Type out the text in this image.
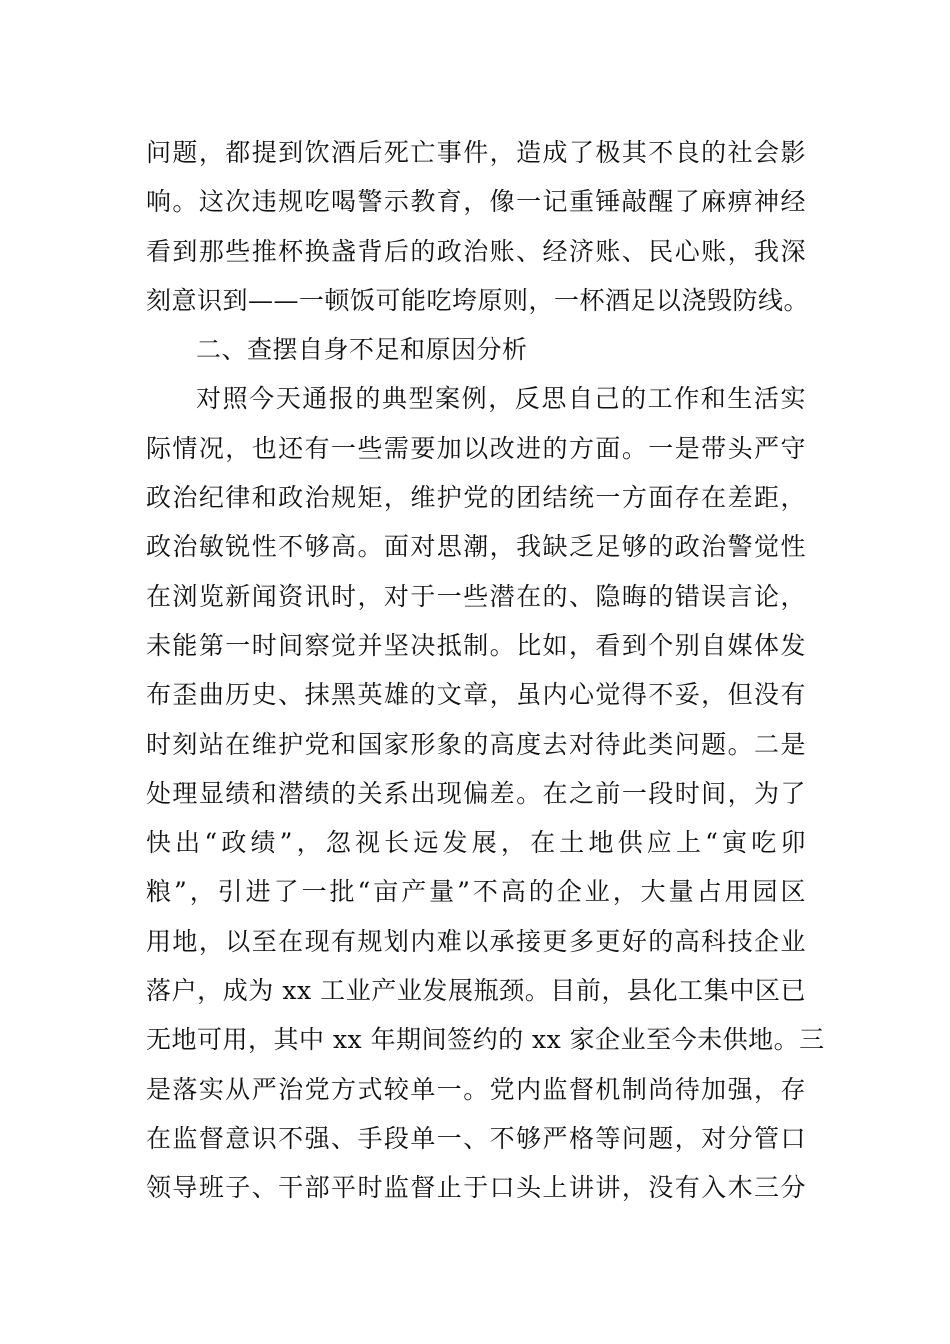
问题，都提到饮酒后死亡事件，造成了极其不良的社会影
响。这次违规吃喝警示教育，像一记重锤敲醒了麻痹神经
看到那些推杯换盏背后的政治账、经济账、民心账，我深
刻意识到——一顿饭可能吃垮原则，一杯酒足以浇毁防线。
二、查摆自身不足和原因分析
对照今天通报的典型案例，反思自己的工作和生活实
际情况，也还有一些需要加以改进的方面。一是带头严守
政治纪律和政治规矩，维护党的团结统一方面存在差距，
政治敏锐性不够高。面对思潮，我缺乏足够的政治警觉性
在浏览新闻资讯时，对于一些潜在的、隐晦的错误言论，
未能第一时间察觉并坚决抵制。比如，看到个别自媒体发
布歪曲历史、抹黑英雄的文章，虽内心觉得不妥，但没有
时刻站在维护党和国家形象的高度去对待此类问题。二是
处理显绩和潜绩的关系出现偏差。在之前一段时间，为了
快出“政绩”，忽视长远发展，在土地供应上“寅吃卯
粮”，引进了一批“亩产量”不高的企业，大量占用园区
用地，以至在现有规划内难以承接更多更好的高科技企业
落户，成为 xx 工业产业发展瓶颈。目前，县化工集中区已
无地可用，其中 xx 年期间签约的 xx 家企业至今未供地。三
是落实从严治党方式较单一。党内监督机制尚待加强，存
在监督意识不强、手段单一、不够严格等问题，对分管口
领导班子、干部平时监督止于口头上讲讲，没有入木三分
